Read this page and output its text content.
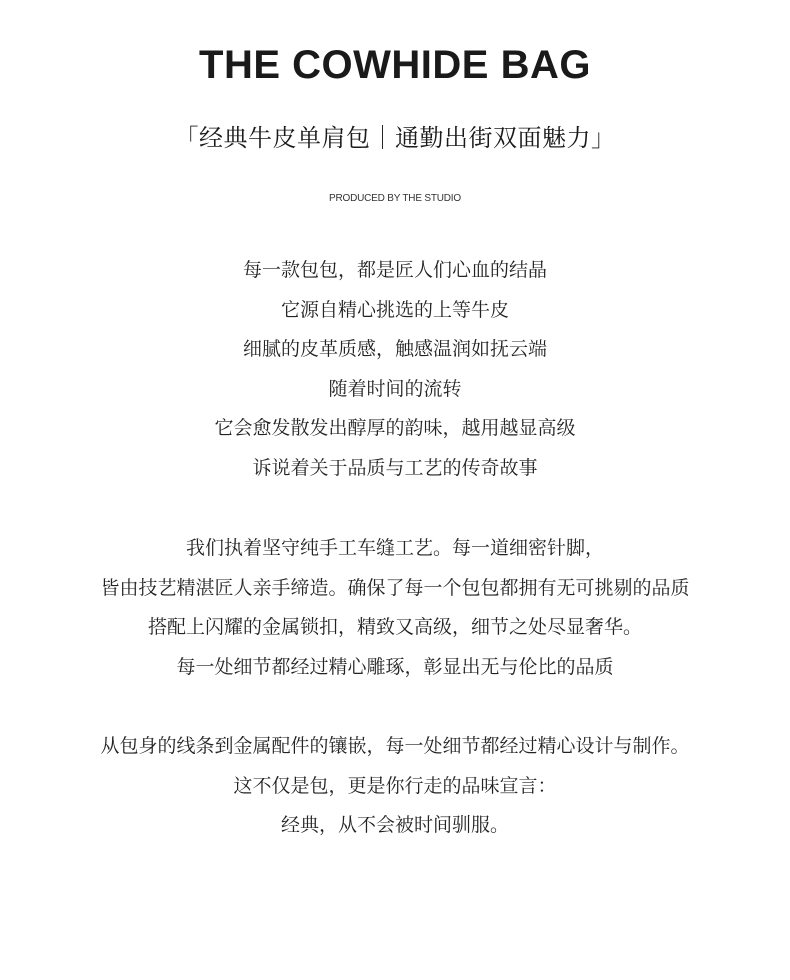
THE COWHIDE BAG
「经典牛皮单肩包｜通勤出街双面魅力」
PRODUCED BY THE STUDIO
每一款包包，都是匠人们心血的结晶
它源自精心挑选的上等牛皮
细腻的皮革质感，触感温润如抚云端
随着时间的流转
它会愈发散发出醇厚的韵味，越用越显高级
诉说着关于品质与工艺的传奇故事
我们执着坚守纯手工车缝工艺。每一道细密针脚，
皆由技艺精湛匠人亲手缔造。确保了每一个包包都拥有无可挑剔的品质
搭配上闪耀的金属锁扣，精致又高级，细节之处尽显奢华。
每一处细节都经过精心雕琢，彰显出无与伦比的品质
从包身的线条到金属配件的镶嵌，每一处细节都经过精心设计与制作。
这不仅是包，更是你行走的品味宣言：
经典，从不会被时间驯服。
